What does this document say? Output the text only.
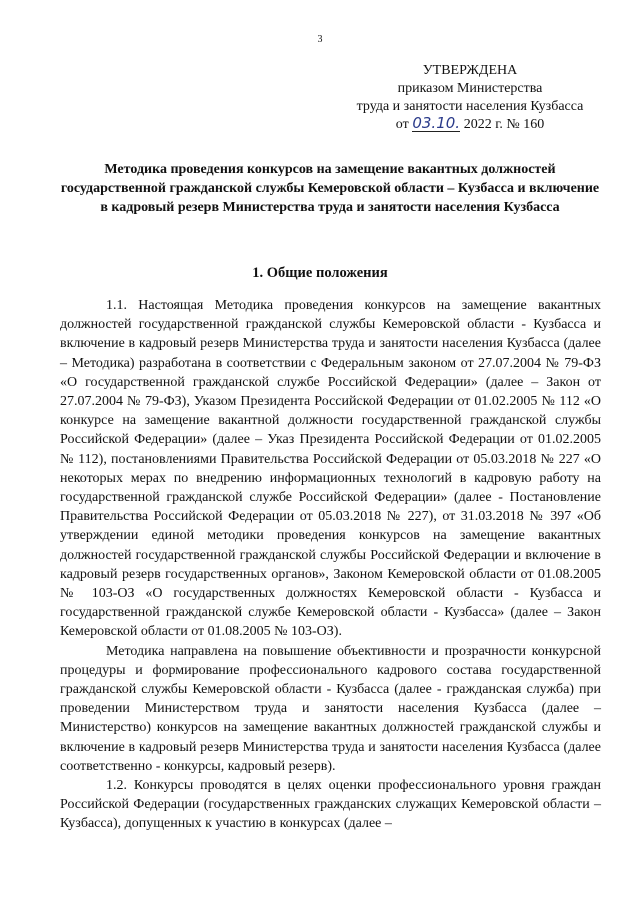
3
УТВЕРЖДЕНА
приказом Министерства
труда и занятости населения Кузбасса
от 03.10. 2022 г. № 160
Методика проведения конкурсов на замещение вакантных должностей государственной гражданской службы Кемеровской области – Кузбасса и включение в кадровый резерв Министерства труда и занятости населения Кузбасса
1. Общие положения

1.1. Настоящая Методика проведения конкурсов на замещение вакантных должностей государственной гражданской службы Кемеровской области - Кузбасса и включение в кадровый резерв Министерства труда и занятости населения Кузбасса (далее – Методика) разработана в соответствии с Федеральным законом от 27.07.2004 № 79-ФЗ «О государственной гражданской службе Российской Федерации» (далее – Закон от 27.07.2004 № 79-ФЗ), Указом Президента Российской Федерации от 01.02.2005 № 112 «О конкурсе на замещение вакантной должности государственной гражданской службы Российской Федерации» (далее – Указ Президента Российской Федерации от 01.02.2005 № 112), постановлениями Правительства Российской Федерации от 05.03.2018 № 227 «О некоторых мерах по внедрению информационных технологий в кадровую работу на государственной гражданской службе Российской Федерации» (далее - Постановление Правительства Российской Федерации от 05.03.2018 № 227), от 31.03.2018 № 397 «Об утверждении единой методики проведения конкурсов на замещение вакантных должностей государственной гражданской службы Российской Федерации и включение в кадровый резерв государственных органов», Законом Кемеровской области от 01.08.2005 № 103-ОЗ «О государственных должностях Кемеровской области - Кузбасса и государственной гражданской службе Кемеровской области - Кузбасса» (далее – Закон Кемеровской области от 01.08.2005 № 103-ОЗ).

Методика направлена на повышение объективности и прозрачности конкурсной процедуры и формирование профессионального кадрового состава государственной гражданской службы Кемеровской области - Кузбасса (далее - гражданская служба) при проведении Министерством труда и занятости населения Кузбасса (далее – Министерство) конкурсов на замещение вакантных должностей гражданской службы и включение в кадровый резерв Министерства труда и занятости населения Кузбасса (далее соответственно - конкурсы, кадровый резерв).

1.2. Конкурсы проводятся в целях оценки профессионального уровня граждан Российской Федерации (государственных гражданских служащих Кемеровской области – Кузбасса), допущенных к участию в конкурсах (далее –
